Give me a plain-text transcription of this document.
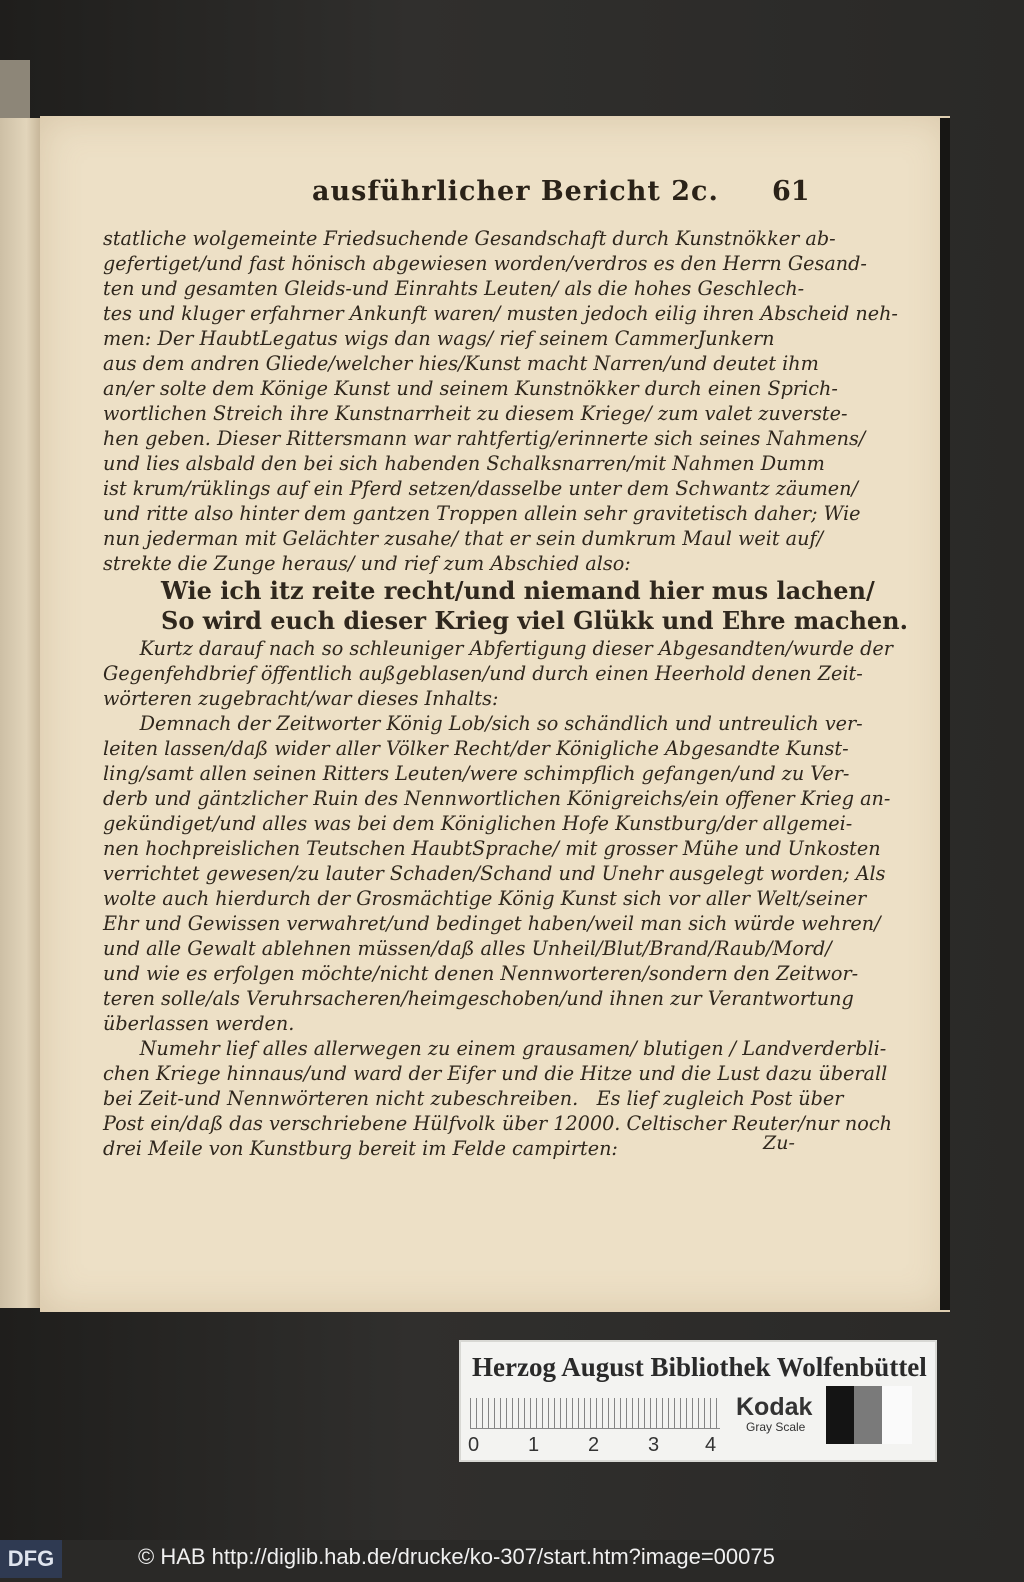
ausführlicher Bericht 2c. 61
statliche wolgemeinte Friedsuchende Gesandschaft durch Kunstnökker ab-
gefertiget/und fast hönisch abgewiesen worden/verdros es den Herrn Gesand-
ten und gesamten Gleids-und Einrahts Leuten/ als die hohes Geschlech-
tes und kluger erfahrner Ankunft waren/ musten jedoch eilig ihren Abscheid neh-
men: Der HaubtLegatus wigs dan wags/ rief seinem CammerJunkern
aus dem andren Gliede/welcher hies/Kunst macht Narren/und deutet ihm
an/er solte dem Könige Kunst und seinem Kunstnökker durch einen Sprich-
wortlichen Streich ihre Kunstnarrheit zu diesem Kriege/ zum valet zuverste-
hen geben. Dieser Rittersmann war rahtfertig/erinnerte sich seines Nahmens/
und lies alsbald den bei sich habenden Schalksnarren/mit Nahmen Dumm
ist krum/rüklings auf ein Pferd setzen/dasselbe unter dem Schwantz zäumen/
und ritte also hinter dem gantzen Troppen allein sehr gravitetisch daher; Wie
nun jederman mit Gelächter zusahe/ that er sein dumkrum Maul weit auf/
strekte die Zunge heraus/ und rief zum Abschied also:
Wie ich itz reite recht/und niemand hier mus lachen/
So wird euch dieser Krieg viel Glükk und Ehre machen.
Kurtz darauf nach so schleuniger Abfertigung dieser Abgesandten/wurde der
Gegenfehdbrief öffentlich außgeblasen/und durch einen Heerhold denen Zeit-
wörteren zugebracht/war dieses Inhalts:
Demnach der Zeitworter König Lob/sich so schändlich und untreulich ver-
leiten lassen/daß wider aller Völker Recht/der Königliche Abgesandte Kunst-
ling/samt allen seinen Ritters Leuten/were schimpflich gefangen/und zu Ver-
derb und gäntzlicher Ruin des Nennwortlichen Königreichs/ein offener Krieg an-
gekündiget/und alles was bei dem Königlichen Hofe Kunstburg/der allgemei-
nen hochpreislichen Teutschen HaubtSprache/ mit grosser Mühe und Unkosten
verrichtet gewesen/zu lauter Schaden/Schand und Unehr ausgelegt worden; Als
wolte auch hierdurch der Grosmächtige König Kunst sich vor aller Welt/seiner
Ehr und Gewissen verwahret/und bedinget haben/weil man sich würde wehren/
und alle Gewalt ablehnen müssen/daß alles Unheil/Blut/Brand/Raub/Mord/
und wie es erfolgen möchte/nicht denen Nennworteren/sondern den Zeitwor-
teren solle/als Veruhrsacheren/heimgeschoben/und ihnen zur Verantwortung
überlassen werden.
Numehr lief alles allerwegen zu einem grausamen/ blutigen / Landverderbli-
chen Kriege hinnaus/und ward der Eifer und die Hitze und die Lust dazu überall
bei Zeit-und Nennwörteren nicht zubeschreiben.   Es lief zugleich Post über
Post ein/daß das verschriebene Hülfvolk über 12000. Celtischer Reuter/nur noch
drei Meile von Kunstburg bereit im Felde campirten:	Zu-
Herzog August Bibliothek Wolfenbüttel
0 1 2 3 4
Kodak
Gray Scale
DFG	© HAB http://diglib.hab.de/drucke/ko-307/start.htm?image=00075
